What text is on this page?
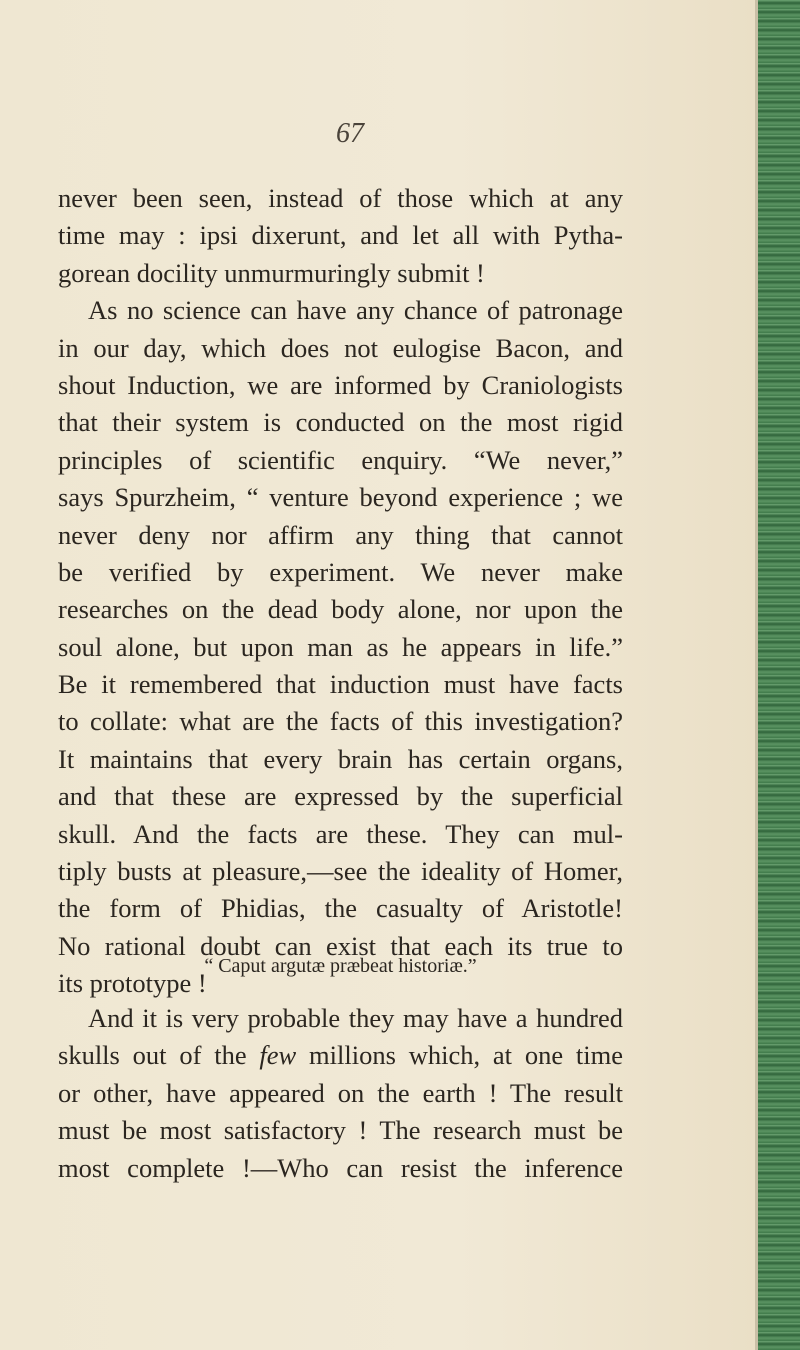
67
never been seen, instead of those which at any
time may : ipsi dixerunt, and let all with Pytha-
gorean docility unmurmuringly submit !
As no science can have any chance of patronage
in our day, which does not eulogise Bacon, and
shout Induction, we are informed by Craniologists
that their system is conducted on the most rigid
principles of scientific enquiry. “We never,”
says Spurzheim, “ venture beyond experience ; we
never deny nor affirm any thing that cannot
be verified by experiment. We never make
researches on the dead body alone, nor upon the
soul alone, but upon man as he appears in life.”
Be it remembered that induction must have facts
to collate: what are the facts of this investigation?
It maintains that every brain has certain organs,
and that these are expressed by the superficial
skull. And the facts are these. They can mul-
tiply busts at pleasure,—see the ideality of Homer,
the form of Phidias, the casualty of Aristotle!
No rational doubt can exist that each its true to
its prototype !
“ Caput argutæ præbeat historiæ.”
And it is very probable they may have a hundred
skulls out of the few millions which, at one time
or other, have appeared on the earth ! The result
must be most satisfactory ! The research must be
most complete !—Who can resist the inference
